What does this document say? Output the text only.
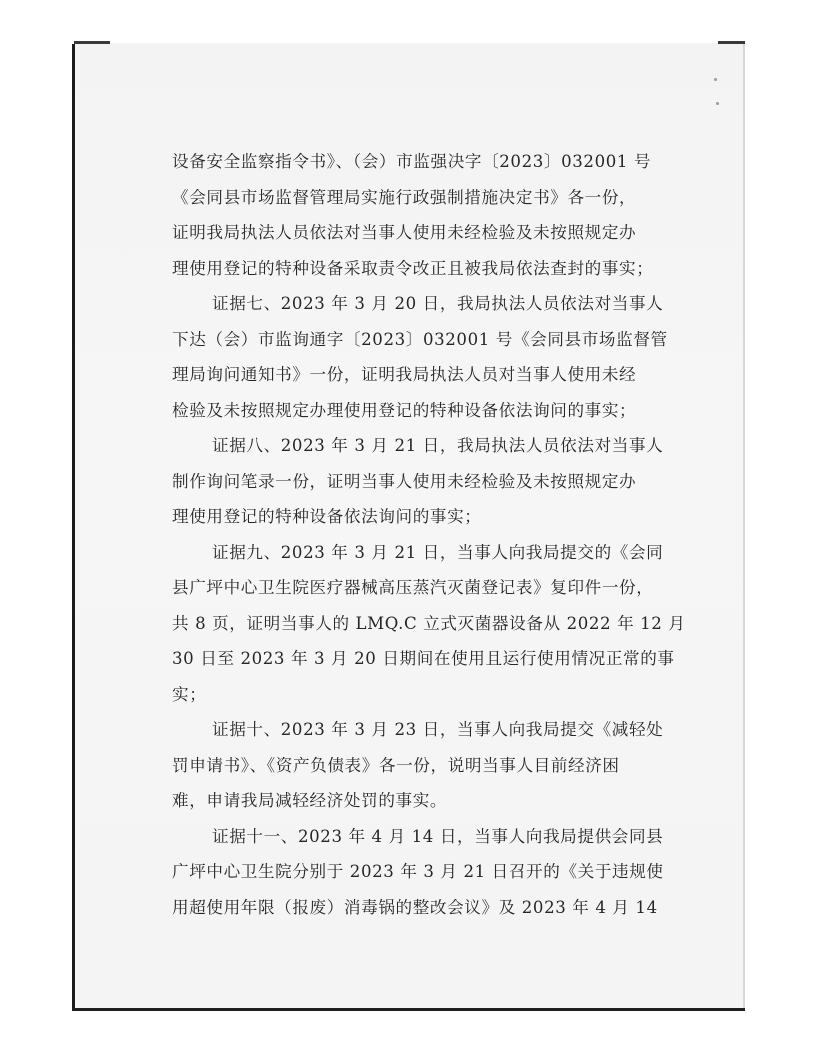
设备安全监察指令书》、（会）市监强决字〔2023〕032001 号
《会同县市场监督管理局实施行政强制措施决定书》各一份，
证明我局执法人员依法对当事人使用未经检验及未按照规定办
理使用登记的特种设备采取责令改正且被我局依法查封的事实；
证据七、2023 年 3 月 20 日，我局执法人员依法对当事人
下达（会）市监询通字〔2023〕032001 号《会同县市场监督管
理局询问通知书》一份，证明我局执法人员对当事人使用未经
检验及未按照规定办理使用登记的特种设备依法询问的事实；
证据八、2023 年 3 月 21 日，我局执法人员依法对当事人
制作询问笔录一份，证明当事人使用未经检验及未按照规定办
理使用登记的特种设备依法询问的事实；
证据九、2023 年 3 月 21 日，当事人向我局提交的《会同
县广坪中心卫生院医疗器械高压蒸汽灭菌登记表》复印件一份，
共 8 页，证明当事人的 LMQ.C 立式灭菌器设备从 2022 年 12 月
30 日至 2023 年 3 月 20 日期间在使用且运行使用情况正常的事
实；
证据十、2023 年 3 月 23 日，当事人向我局提交《减轻处
罚申请书》、《资产负债表》各一份，说明当事人目前经济困
难，申请我局减轻经济处罚的事实。
证据十一、2023 年 4 月 14 日，当事人向我局提供会同县
广坪中心卫生院分别于 2023 年 3 月 21 日召开的《关于违规使
用超使用年限（报废）消毒锅的整改会议》及 2023 年 4 月 14
